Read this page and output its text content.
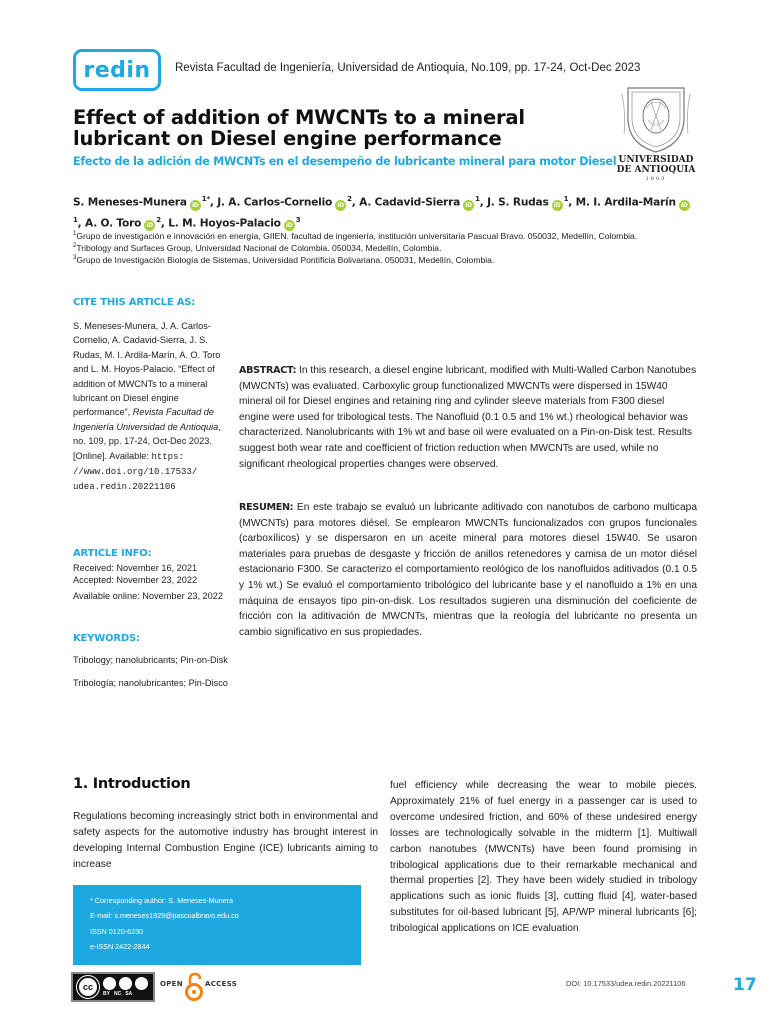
redin Revista Facultad de Ingeniería, Universidad de Antioquia, No.109, pp. 17-24, Oct-Dec 2023
UNIVERSIDAD
DE ANTIOQUIA
1803
Effect of addition of MWCNTs to a mineral lubricant on Diesel engine performance
Efecto de la adición de MWCNTs en el desempeño de lubricante mineral para motor Diesel
S. Meneses-Munera $iD^{1*}$, J. A. Carlos-Cornelio $iD^2$, A. Cadavid-Sierra $iD^1$, J. S. Rudas $iD^1$, M. I. Ardila-Marín $iD^1$, A. O. Toro $iD^2$, L. M. Hoyos-Palacio $iD^3$
$^1$Grupo de investigación e innovación en energía, GIIEN. facultad de ingeniería, institución universitaria Pascual Bravo. 050032, Medellín, Colombia.
$^2$Tribology and Surfaces Group, Universidad Nacional de Colombia. 050034, Medellín, Colombia.
$^3$Grupo de Investigación Biología de Sistemas, Universidad Pontificia Bolivariana. 050031, Medellín, Colombia.
CITE THIS ARTICLE AS:
S. Meneses-Munera, J. A. Carlos-Cornelio, A. Cadavid-Sierra, J. S. Rudas, M. I. Ardila-Marín, A. O. Toro and L. M. Hoyos-Palacio. “Effect of addition of MWCNTs to a mineral lubricant on Diesel engine performance”, Revista Facultad de Ingeniería Universidad de Antioquia, no. 109, pp. 17-24, Oct-Dec 2023. [Online]. Available: https: //www.doi.org/10.17533/ udea.redin.20221106
ARTICLE INFO:
Received: November 16, 2021
Accepted: November 23, 2022
Available online: November 23, 2022
KEYWORDS:
Tribology; nanolubricants; Pin-on-Disk
Tribología; nanolubricantes; Pin-Disco
ABSTRACT: In this research, a diesel engine lubricant, modified with Multi-Walled Carbon Nanotubes (MWCNTs) was evaluated. Carboxylic group functionalized MWCNTs were dispersed in 15W40 mineral oil for Diesel engines and retaining ring and cylinder sleeve materials from F300 diesel engine were used for tribological tests. The Nanofluid (0.1 0.5 and 1% wt.) rheological behavior was characterized. Nanolubricants with 1% wt and base oil were evaluated on a Pin-on-Disk test. Results suggest both wear rate and coefficient of friction reduction when MWCNTs are used, while no significant rheological properties changes were observed.
RESUMEN: En este trabajo se evaluó un lubricante aditivado con nanotubos de carbono multicapa (MWCNTs) para motores diésel. Se emplearon MWCNTs funcionalizados con grupos funcionales (carboxílicos) y se dispersaron en un aceite mineral para motores diesel 15W40. Se usaron materiales para pruebas de desgaste y fricción de anillos retenedores y camisa de un motor diésel estacionario F300. Se caracterizo el comportamiento reológico de los nanofluidos aditivados (0.1 0.5 y 1% wt.) Se evaluó el comportamiento tribológico del lubricante base y el nanofluido a 1% en una máquina de ensayos tipo pin-on-disk. Los resultados sugieren una disminución del coeficiente de fricción con la aditivación de MWCNTs, mientras que la reología del lubricante no presenta un cambio significativo en sus propiedades.
1. Introduction
Regulations becoming increasingly strict both in environmental and safety aspects for the automotive industry has brought interest in developing Internal Combustion Engine (ICE) lubricants aiming to increase
fuel efficiency while decreasing the wear to mobile pieces. Approximately 21% of fuel energy in a passenger car is used to overcome undesired friction, and 60% of these undesired energy losses are technologically solvable in the midterm [1]. Multiwall carbon nanotubes (MWCNTs) have been found promising in tribological applications due to their remarkable mechanical and thermal properties [2]. They have been widely studied in tribology applications such as ionic fluids [3], cutting fluid [4], water-based substitutes for oil-based lubricant [5], AP/WP mineral lubricants [6]; tribological applications on ICE evaluation
* Corresponding author: S. Meneses-Munera
E-mail: s.meneses1929@pascualbravo.edu.co
ISSN 0120-6230
e-ISSN 2422-2844
cc
BY NC SA
OPEN	ACCESS	DOI: 10.17533/udea.redin.20221106	17
